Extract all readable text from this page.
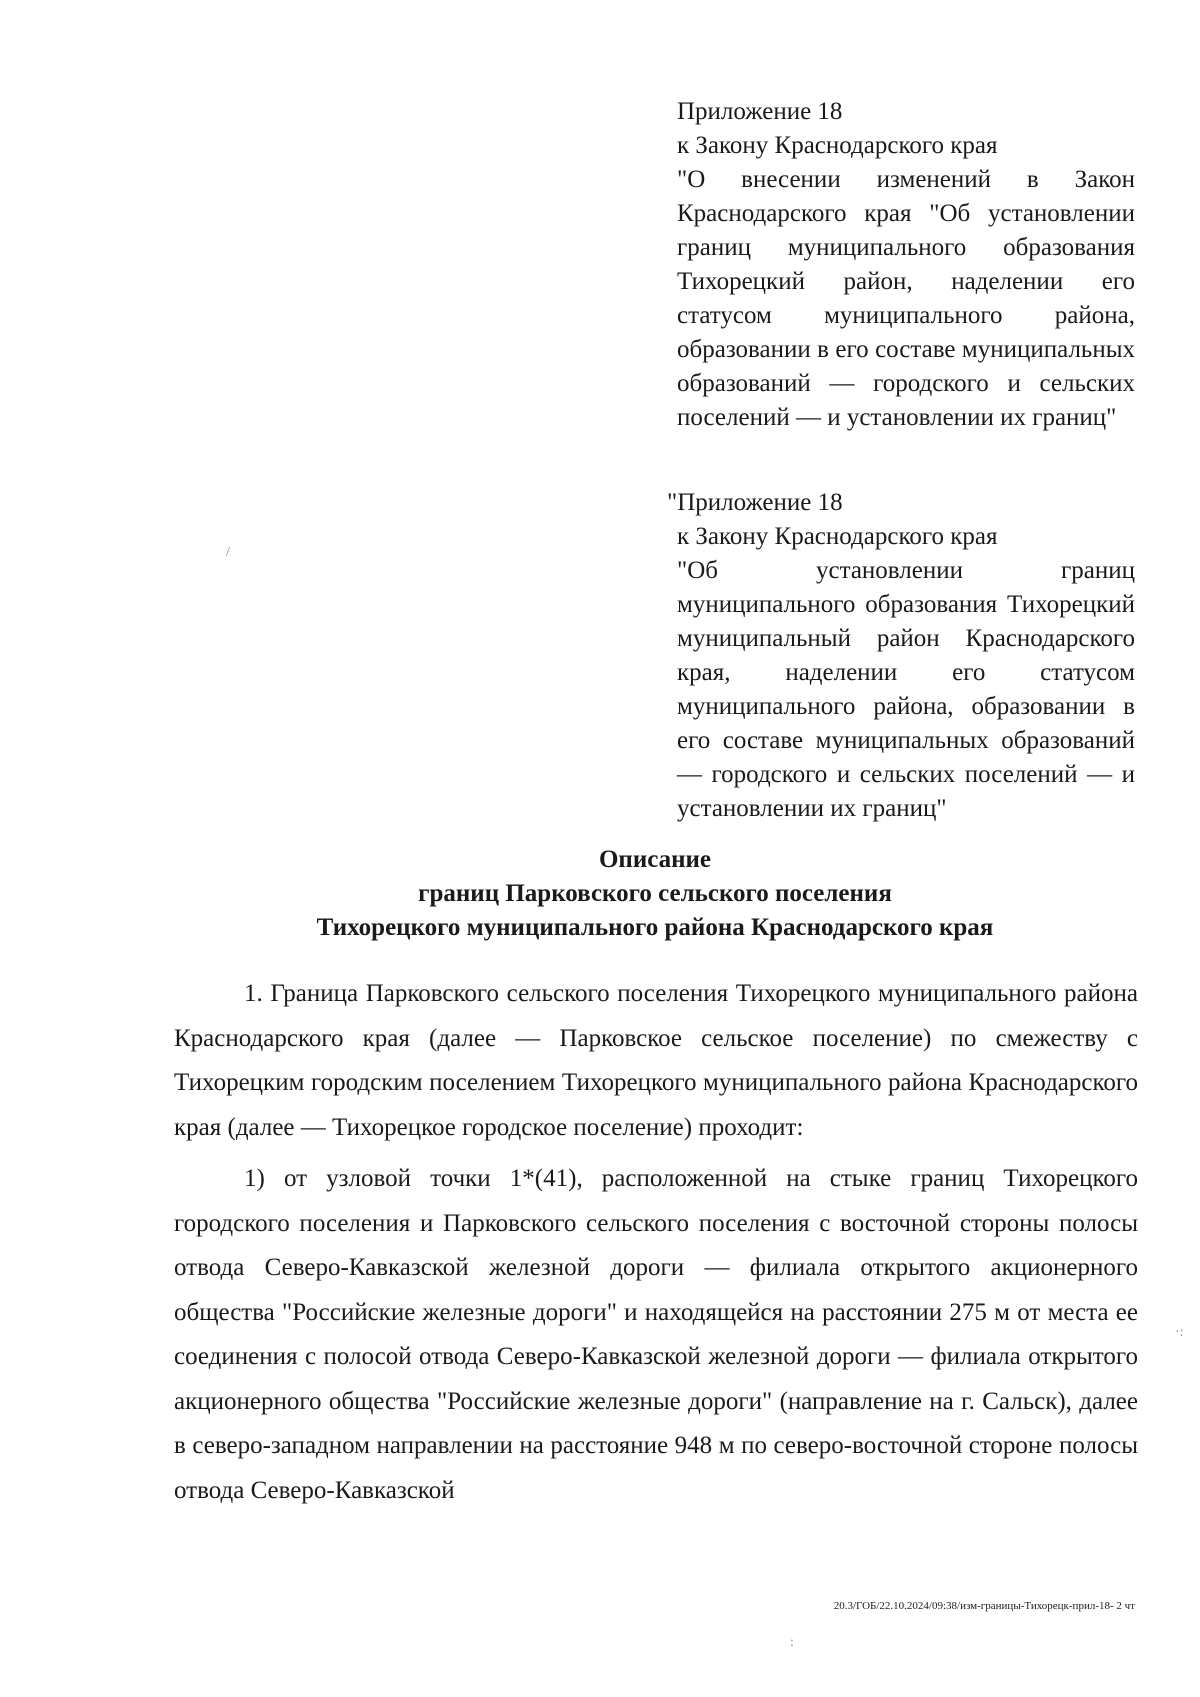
Приложение 18
к Закону Краснодарского края
"О внесении изменений в Закон Краснодарского края "Об установлении границ муниципального образования Тихорецкий район, наделении его статусом муниципального района, образовании в его составе муниципальных образований — городского и сельских поселений — и установлении их границ"
"Приложение 18
к Закону Краснодарского края
"Об установлении границ муниципального образования Тихорецкий муниципальный район Краснодарского края, наделении его статусом муниципального района, образовании в его составе муниципальных образований — городского и сельских поселений — и установлении их границ"
Описание
границ Парковского сельского поселения
Тихорецкого муниципального района Краснодарского края

1. Граница Парковского сельского поселения Тихорецкого муниципального района Краснодарского края (далее — Парковское сельское поселение) по смежеству с Тихорецким городским поселением Тихорецкого муниципального района Краснодарского края (далее — Тихорецкое городское поселение) проходит:

1) от узловой точки 1*(41), расположенной на стыке границ Тихорецкого городского поселения и Парковского сельского поселения с восточной стороны полосы отвода Северо-Кавказской железной дороги — филиала открытого акционерного общества "Российские железные дороги" и находящейся на расстоянии 275 м от места ее соединения с полосой отвода Северо-Кавказской железной дороги — филиала открытого акционерного общества "Российские железные дороги" (направление на г. Сальск), далее в северо-западном направлении на расстояние 948 м по северо-восточной стороне полосы отвода Северо-Кавказской

20.3/ГОБ/22.10.2024/09:38/изм-границы-Тихорецк-прил-18- 2 чт
/
·:
:
